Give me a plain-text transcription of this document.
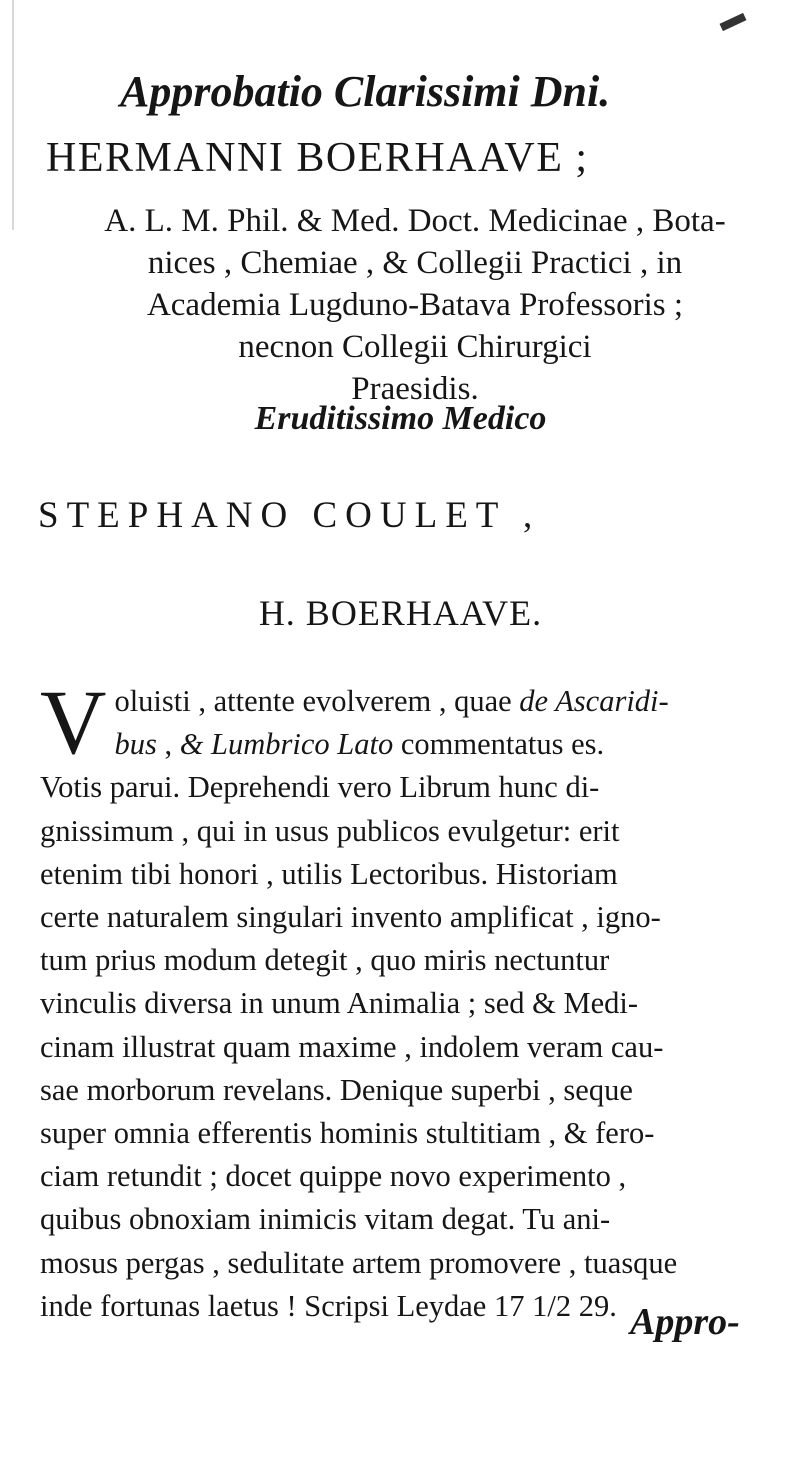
Approbatio Clarissimi Dni.
HERMANNI BOERHAAVE ;
A. L. M. Phil. & Med. Doct. Medicinae , Bota-
nices , Chemiae , & Collegii Practici , in
Academia Lugduno-Batava Professoris ;
necnon Collegii Chirurgici
Praesidis.
Eruditissimo Medico
STEPHANO COULET ,
H. BOERHAAVE.
V oluisti , attente evolverem , quae de Ascaridi-
bus , & Lumbrico Lato commentatus es.
Votis parui. Deprehendi vero Librum hunc di-
gnissimum , qui in usus publicos evulgetur: erit
etenim tibi honori , utilis Lectoribus. Historiam
certe naturalem singulari invento amplificat , igno-
tum prius modum detegit , quo miris nectuntur
vinculis diversa in unum Animalia ; sed & Medi-
cinam illustrat quam maxime , indolem veram cau-
sae morborum revelans. Denique superbi , seque
super omnia efferentis hominis stultitiam , & fero-
ciam retundit ; docet quippe novo experimento ,
quibus obnoxiam inimicis vitam degat. Tu ani-
mosus pergas , sedulitate artem promovere , tuasque
inde fortunas laetus ! Scripsi Leydae 17 1/2 29. Appro-
